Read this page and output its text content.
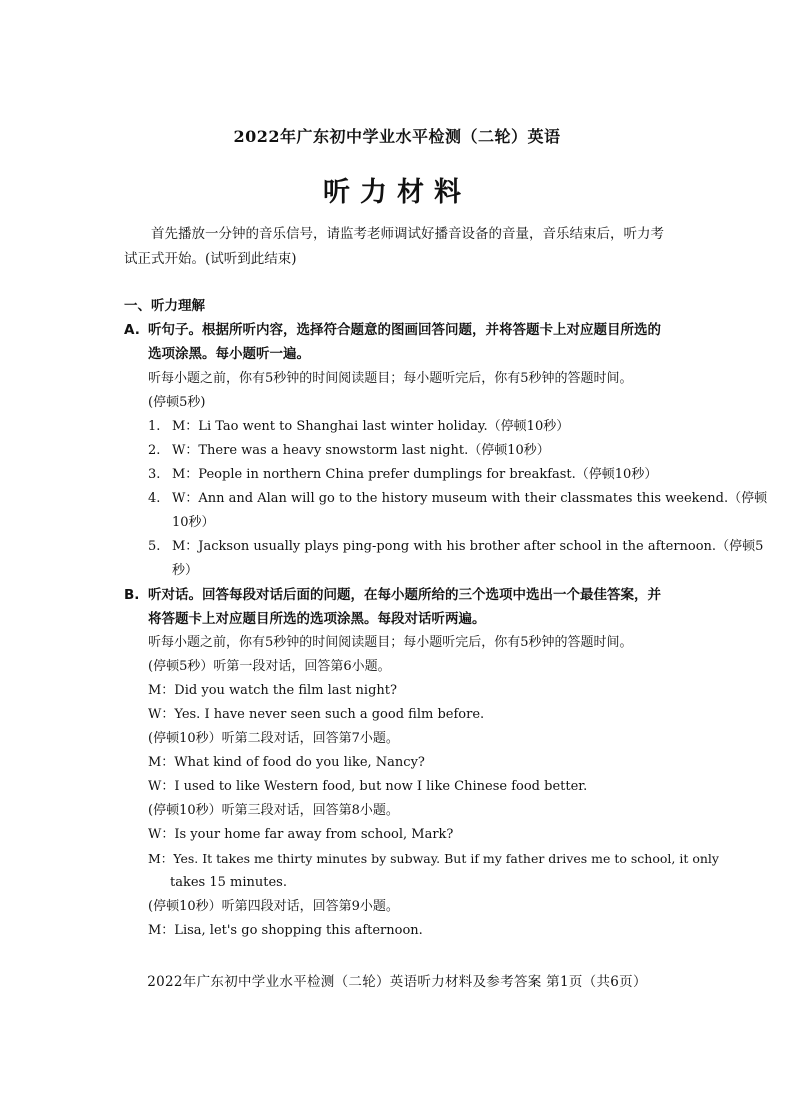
2022年广东初中学业水平检测（二轮）英语
听力材料
首先播放一分钟的音乐信号，请监考老师调试好播音设备的音量，音乐结束后，听力考试正式开始。(试听到此结束)
一、听力理解
A. 听句子。根据所听内容，选择符合题意的图画回答问题，并将答题卡上对应题目所选的
选项涂黑。每小题听一遍。
听每小题之前，你有5秒钟的时间阅读题目；每小题听完后，你有5秒钟的答题时间。
(停顿5秒)
1. M：Li Tao went to Shanghai last winter holiday.（停顿10秒）
2. W：There was a heavy snowstorm last night.（停顿10秒）
3. M：People in northern China prefer dumplings for breakfast.（停顿10秒）
4. W：Ann and Alan will go to the history museum with their classmates this weekend.（停顿
10秒）
5. M：Jackson usually plays ping-pong with his brother after school in the afternoon.（停顿5
秒）
B. 听对话。回答每段对话后面的问题，在每小题所给的三个选项中选出一个最佳答案，并
将答题卡上对应题目所选的选项涂黑。每段对话听两遍。
听每小题之前，你有5秒钟的时间阅读题目；每小题听完后，你有5秒钟的答题时间。
(停顿5秒）听第一段对话，回答第6小题。
M：Did you watch the film last night?
W：Yes. I have never seen such a good film before.
(停顿10秒）听第二段对话，回答第7小题。
M：What kind of food do you like, Nancy?
W：I used to like Western food, but now I like Chinese food better.
(停顿10秒）听第三段对话，回答第8小题。
W：Is your home far away from school, Mark?
M：Yes. It takes me thirty minutes by subway. But if my father drives me to school, it only
takes 15 minutes.
(停顿10秒）听第四段对话，回答第9小题。
M：Lisa, let's go shopping this afternoon.
2022年广东初中学业水平检测（二轮）英语听力材料及参考答案 第1页（共6页）
